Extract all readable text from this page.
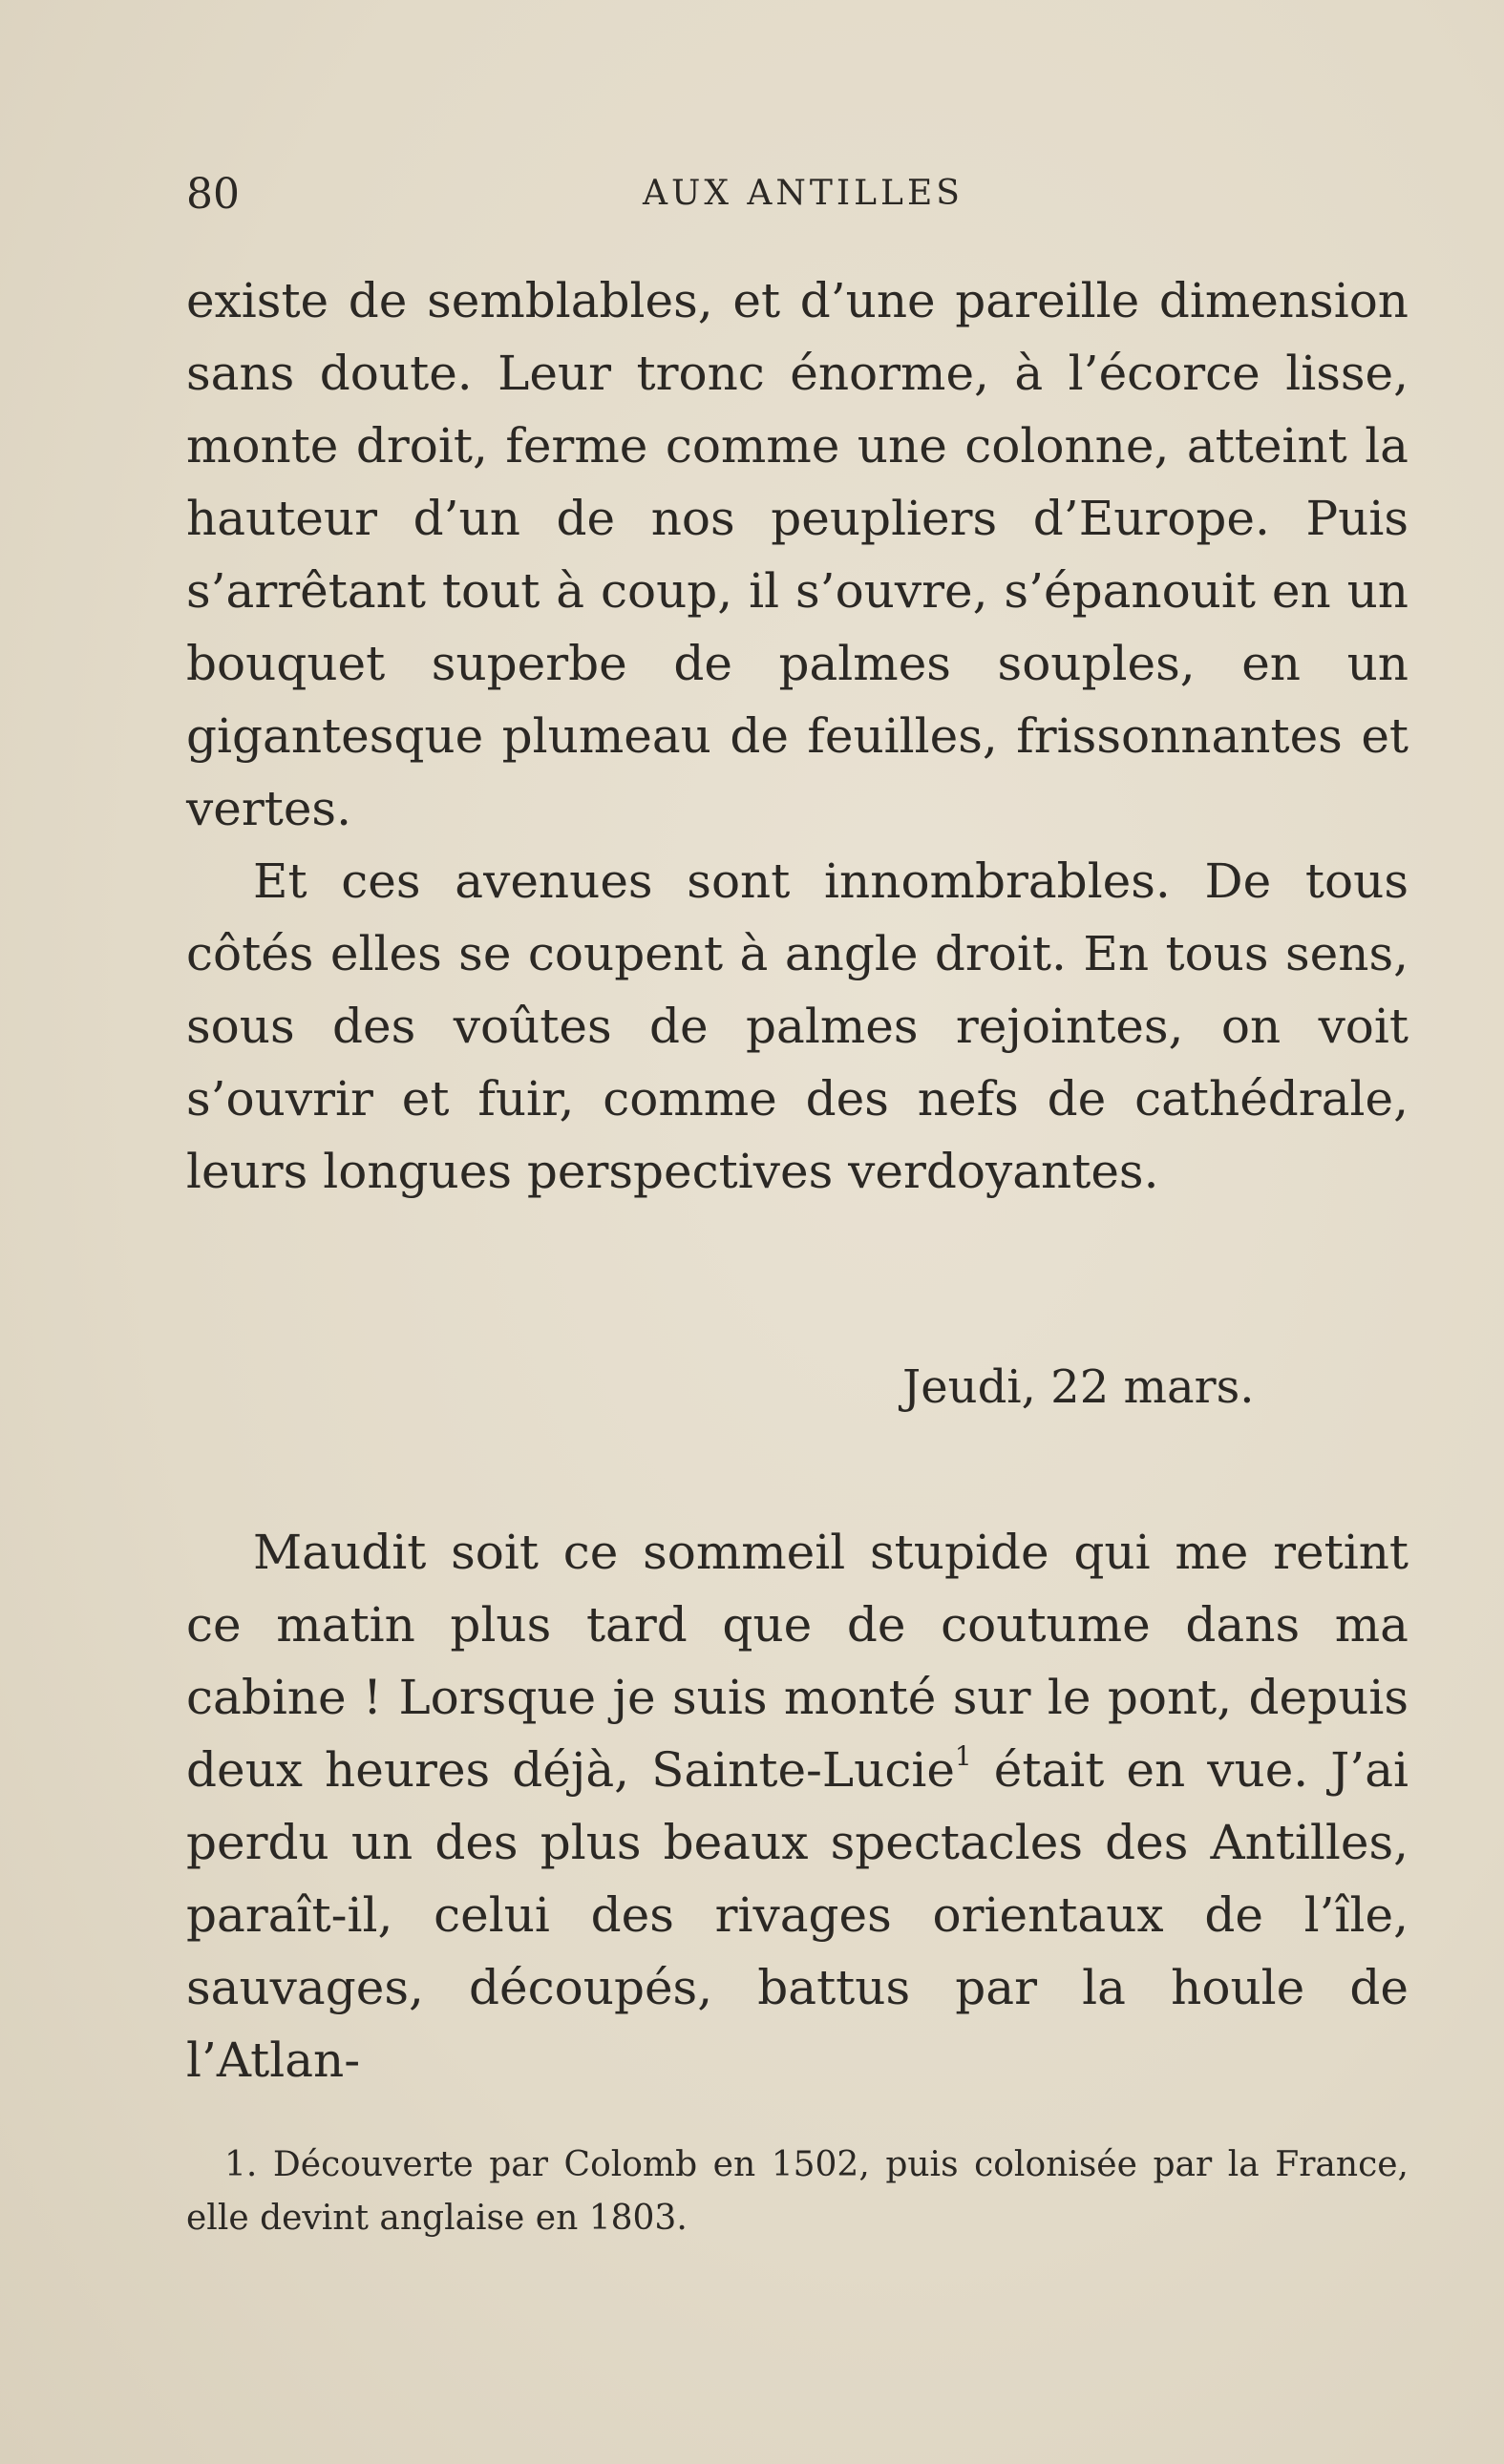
80	AUX ANTILLES

existe de semblables, et d’une pareille dimension sans doute. Leur tronc énorme, à l’écorce lisse, monte droit, ferme comme une colonne, atteint la hauteur d’un de nos peupliers d’Europe. Puis s’arrêtant tout à coup, il s’ouvre, s’épanouit en un bouquet superbe de palmes souples, en un gigantesque plumeau de feuilles, frissonnantes et vertes.

Et ces avenues sont innombrables. De tous côtés elles se coupent à angle droit. En tous sens, sous des voûtes de palmes rejointes, on voit s’ouvrir et fuir, comme des nefs de cathédrale, leurs longues perspectives verdoyantes.

Jeudi, 22 mars.

Maudit soit ce sommeil stupide qui me retint ce matin plus tard que de coutume dans ma cabine ! Lorsque je suis monté sur le pont, depuis deux heures déjà, Sainte-Lucie$^1$ était en vue. J’ai perdu un des plus beaux spectacles des Antilles, paraît-il, celui des rivages orientaux de l’île, sauvages, découpés, battus par la houle de l’Atlan-

1. Découverte par Colomb en 1502, puis colonisée par la France, elle devint anglaise en 1803.
